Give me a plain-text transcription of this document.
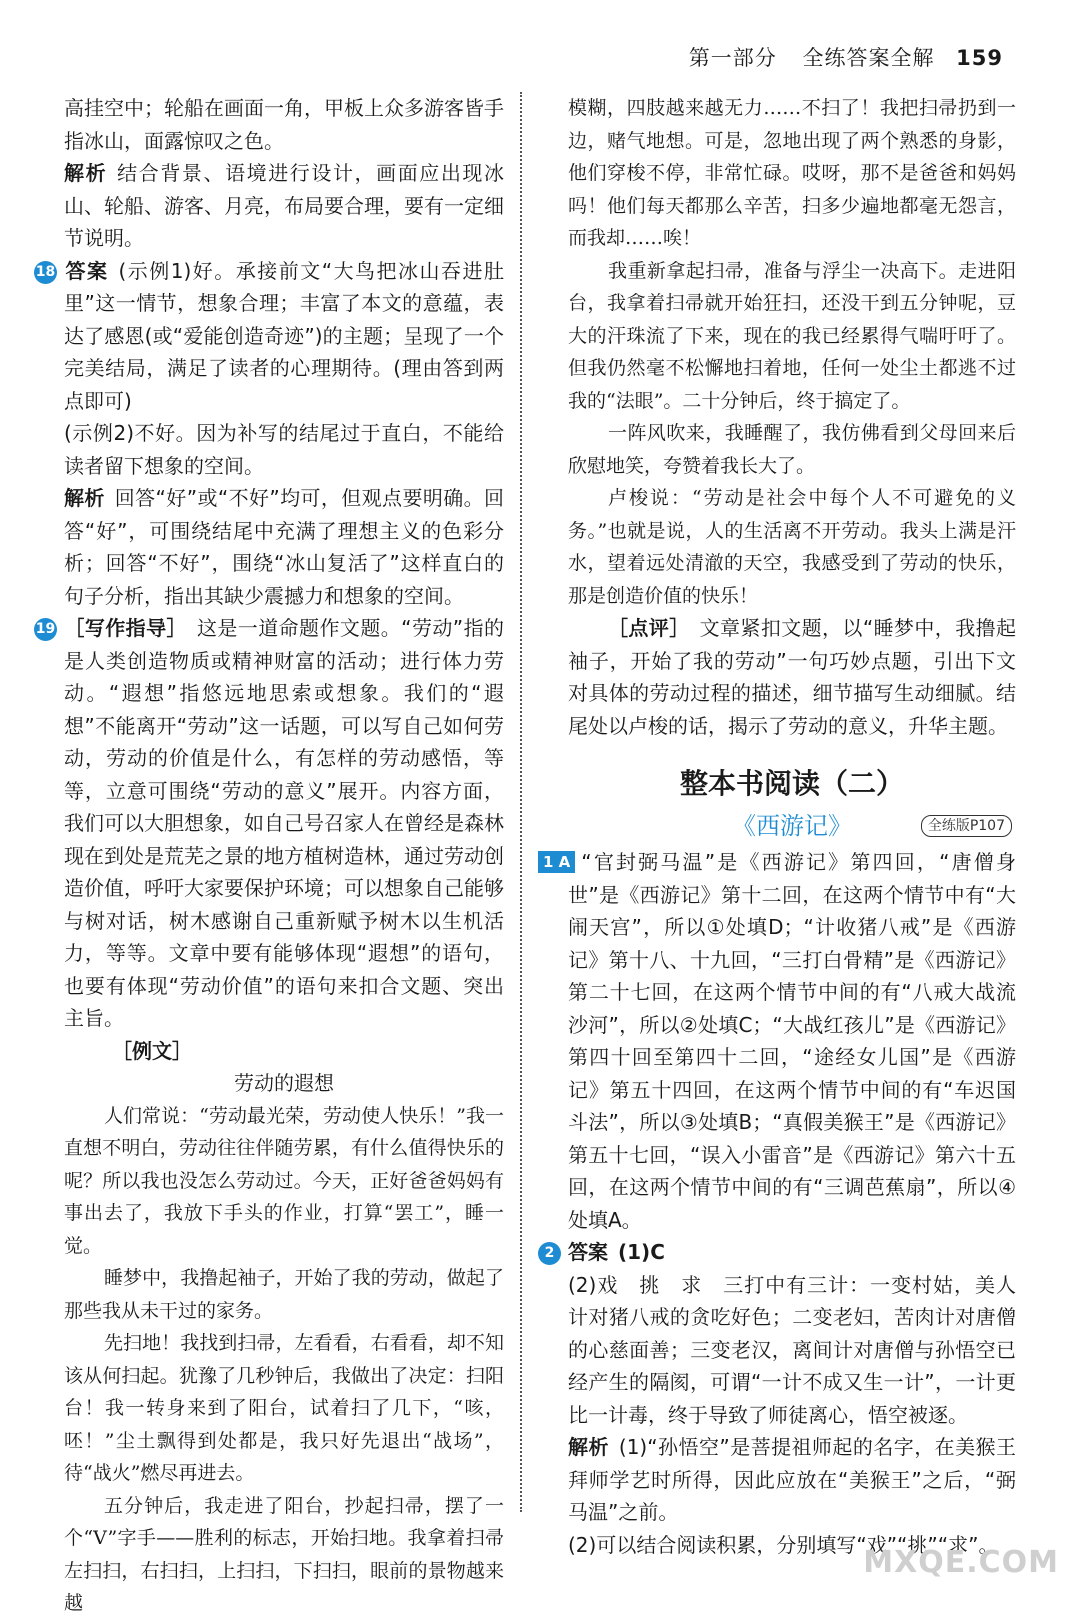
第一部分 全练答案全解 159

高挂空中；轮船在画面一角，甲板上众多游客皆手指冰山，面露惊叹之色。

解析 结合背景、语境进行设计，画面应出现冰山、轮船、游客、月亮，布局要合理，要有一定细节说明。

18 答案 (示例1)好。承接前文“大鸟把冰山吞进肚里”这一情节，想象合理；丰富了本文的意蕴，表达了感恩(或“爱能创造奇迹”)的主题；呈现了一个完美结局，满足了读者的心理期待。(理由答到两点即可)

(示例2)不好。因为补写的结尾过于直白，不能给读者留下想象的空间。

解析 回答“好”或“不好”均可，但观点要明确。回答“好”，可围绕结尾中充满了理想主义的色彩分析；回答“不好”，围绕“冰山复活了”这样直白的句子分析，指出其缺少震撼力和想象的空间。

19 ［写作指导］ 这是一道命题作文题。“劳动”指的是人类创造物质或精神财富的活动；进行体力劳动。“遐想”指悠远地思索或想象。我们的“遐想”不能离开“劳动”这一话题，可以写自己如何劳动，劳动的价值是什么，有怎样的劳动感悟，等等，立意可围绕“劳动的意义”展开。内容方面，我们可以大胆想象，如自己号召家人在曾经是森林现在到处是荒芜之景的地方植树造林，通过劳动创造价值，呼吁大家要保护环境；可以想象自己能够与树对话，树木感谢自己重新赋予树木以生机活力，等等。文章中要有能够体现“遐想”的语句，也要有体现“劳动价值”的语句来扣合文题、突出主旨。

［例文］

劳动的遐想

人们常说：“劳动最光荣，劳动使人快乐！”我一直想不明白，劳动往往伴随劳累，有什么值得快乐的呢？所以我也没怎么劳动过。今天，正好爸爸妈妈有事出去了，我放下手头的作业，打算“罢工”，睡一觉。

睡梦中，我撸起袖子，开始了我的劳动，做起了那些我从未干过的家务。

先扫地！我找到扫帚，左看看，右看看，却不知该从何扫起。犹豫了几秒钟后，我做出了决定：扫阳台！我一转身来到了阳台，试着扫了几下，“咳，呸！”尘土飘得到处都是，我只好先退出“战场”，待“战火”燃尽再进去。

五分钟后，我走进了阳台，抄起扫帚，摆了一个“V”字手——胜利的标志，开始扫地。我拿着扫帚左扫扫，右扫扫，上扫扫，下扫扫，眼前的景物越来越

模糊，四肢越来越无力……不扫了！我把扫帚扔到一边，赌气地想。可是，忽地出现了两个熟悉的身影，他们穿梭不停，非常忙碌。哎呀，那不是爸爸和妈妈吗！他们每天都那么辛苦，扫多少遍地都毫无怨言，而我却……唉！

我重新拿起扫帚，准备与浮尘一决高下。走进阳台，我拿着扫帚就开始狂扫，还没干到五分钟呢，豆大的汗珠流了下来，现在的我已经累得气喘吁吁了。但我仍然毫不松懈地扫着地，任何一处尘土都逃不过我的“法眼”。二十分钟后，终于搞定了。

一阵风吹来，我睡醒了，我仿佛看到父母回来后欣慰地笑，夸赞着我长大了。

卢梭说：“劳动是社会中每个人不可避免的义务。”也就是说，人的生活离不开劳动。我头上满是汗水，望着远处清澈的天空，我感受到了劳动的快乐，那是创造价值的快乐！

［点评］ 文章紧扣文题，以“睡梦中，我撸起袖子，开始了我的劳动”一句巧妙点题，引出下文对具体的劳动过程的描述，细节描写生动细腻。结尾处以卢梭的话，揭示了劳动的意义，升华主题。

整本书阅读（二）
《西游记》	全练版P107

1 A “官封弼马温”是《西游记》第四回，“唐僧身世”是《西游记》第十二回，在这两个情节中有“大闹天宫”，所以①处填D；“计收猪八戒”是《西游记》第十八、十九回，“三打白骨精”是《西游记》第二十七回，在这两个情节中间的有“八戒大战流沙河”，所以②处填C；“大战红孩儿”是《西游记》第四十回至第四十二回，“途经女儿国”是《西游记》第五十四回，在这两个情节中间的有“车迟国斗法”，所以③处填B；“真假美猴王”是《西游记》第五十七回，“误入小雷音”是《西游记》第六十五回，在这两个情节中间的有“三调芭蕉扇”，所以④处填A。

2 答案 (1)C

(2)戏　挑　求　三打中有三计：一变村姑，美人计对猪八戒的贪吃好色；二变老妇，苦肉计对唐僧的心慈面善；三变老汉，离间计对唐僧与孙悟空已经产生的隔阂，可谓“一计不成又生一计”，一计更比一计毒，终于导致了师徒离心，悟空被逐。

解析 (1)“孙悟空”是菩提祖师起的名字，在美猴王拜师学艺时所得，因此应放在“美猴王”之后，“弼马温”之前。

(2)可以结合阅读积累，分别填写“戏”“挑”“求”。

MXQE.COM
